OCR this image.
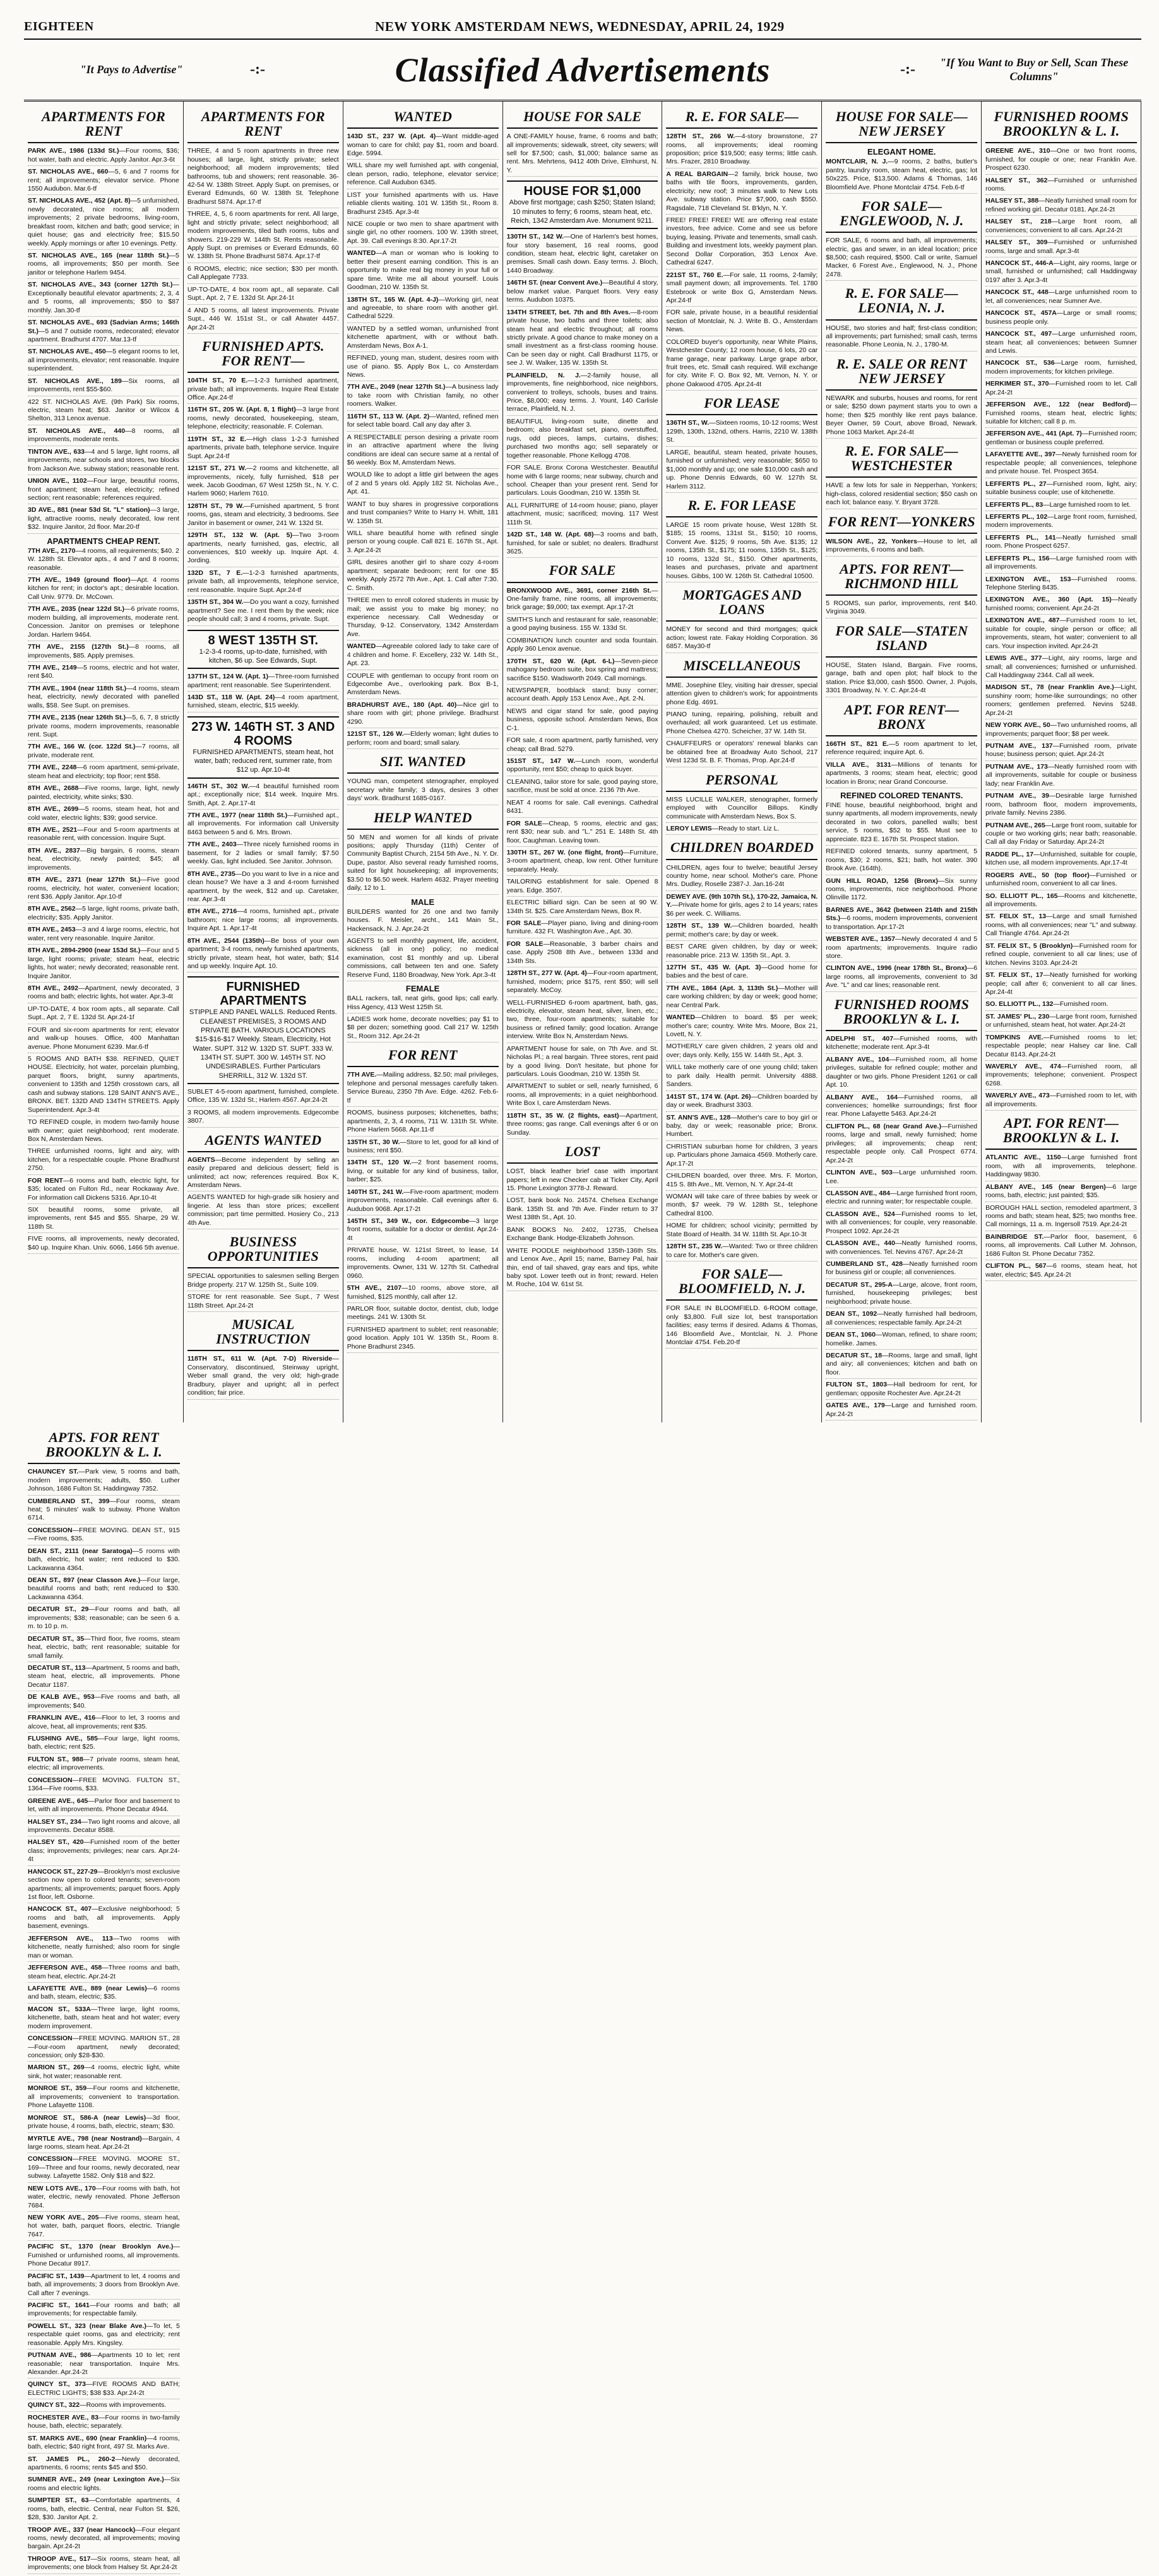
EIGHTEEN	NEW YORK AMSTERDAM NEWS, WEDNESDAY, APRIL 24, 1929
"It Pays to Advertise"	-:-	Classified Advertisements	-:-	"If You Want to Buy or Sell, Scan These Columns"
APARTMENTS FOR RENT

PARK AVE., 1986 (133d St.)—Four rooms, $36; hot water, bath and electric. Apply Janitor. Apr.3-6t

ST. NICHOLAS AVE., 660—5, 6 and 7 rooms for rent; all improvements; elevator service. Phone 1550 Audubon. Mar.6-tf

ST. NICHOLAS AVE., 452 (Apt. 8)—5 unfurnished, newly decorated, nice rooms; all modern improvements; 2 private bedrooms, living-room, breakfast room, kitchen and bath; good service; in quiet house; gas and electricity free; $15.50 weekly. Apply mornings or after 10 evenings. Petty.

ST. NICHOLAS AVE., 165 (near 118th St.)—5 rooms, all improvements; $50 per month. See janitor or telephone Harlem 9454.

ST. NICHOLAS AVE., 343 (corner 127th St.)—Exceptionally beautiful elevator apartments; 2, 3, 4 and 5 rooms, all improvements; $50 to $87 monthly. Jan.30-tf

ST. NICHOLAS AVE., 693 (Sadvian Arms; 146th St.)—5 and 7 outside rooms, redecorated; elevator apartment. Bradhurst 4707. Mar.13-tf

ST. NICHOLAS AVE., 450—5 elegant rooms to let, all improvements, elevator; rent reasonable. Inquire superintendent.

ST. NICHOLAS AVE., 189—Six rooms, all improvements, rent $55-$60.

422 ST. NICHOLAS AVE. (9th Park) Six rooms, electric, steam heat; $63. Janitor or Wilcox & Shelton, 313 Lenox avenue.

ST. NICHOLAS AVE., 440—8 rooms, all improvements, moderate rents.

TINTON AVE., 633—4 and 5 large, light rooms, all improvements, near schools and stores, two blocks from Jackson Ave. subway station; reasonable rent.

UNION AVE., 1102—Four large, beautiful rooms, front apartment; steam heat, electricity; refined section; rent reasonable; references required.

3D AVE., 881 (near 53d St. "L" station)—3 large, light, attractive rooms, newly decorated, low rent $32. Inquire Janitor, 2d floor. Mar.20-tf

APARTMENTS CHEAP RENT.

7TH AVE., 2170—4 rooms, all requirements; $40. 2 W. 128th St. Elevator apts., 4 and 7 and 8 rooms; reasonable.

7TH AVE., 1949 (ground floor)—Apt. 4 rooms kitchen for rent; in doctor's apt.; desirable location. Call Univ. 9779. Dr. McCown.

7TH AVE., 2035 (near 122d St.)—6 private rooms, modern building, all improvements, moderate rent. Concession. Janitor on premises or telephone Jordan. Harlem 9464.

7TH AVE., 2155 (127th St.)—8 rooms, all improvements, $85. Apply premises.

7TH AVE., 2149—5 rooms, electric and hot water, rent $40.

7TH AVE., 1904 (near 118th St.)—4 rooms, steam heat, electricity, newly decorated with panelled walls, $58. See Supt. on premises.

7TH AVE., 2135 (near 126th St.)—5, 6, 7, 8 strictly private rooms, modern improvements, reasonable rent. Supt.

7TH AVE., 166 W. (cor. 122d St.)—7 rooms, all private, moderate rent.

7TH AVE., 2248—6 room apartment, semi-private, steam heat and electricity; top floor; rent $58.

8TH AVE., 2688—Five rooms, large, light, newly painted, electricity, white sinks; $30.

8TH AVE., 2699—5 rooms, steam heat, hot and cold water, electric lights; $39; good service.

8TH AVE., 2521—Four and 5-room apartments at reasonable rent, with concession. Inquire Supt.

8TH AVE., 2837—Big bargain, 6 rooms, steam heat, electricity, newly painted; $45; all improvements.

8TH AVE., 2371 (near 127th St.)—Five good rooms, electricity, hot water, convenient location; rent $36. Apply Janitor. Apr.10-tf

8TH AVE., 2562—5 large, light rooms, private bath, electricity; $35. Apply Janitor.

8TH AVE., 2453—3 and 4 large rooms, electric, hot water, rent very reasonable. Inquire Janitor.

8TH AVE., 2894-2900 (near 153d St.)—Four and 5 large, light rooms; private; steam heat, electric lights, hot water; newly decorated; reasonable rent. Inquire Janitor.

8TH AVE., 2492—Apartment, newly decorated, 3 rooms and bath; electric lights, hot water. Apr.3-4t

UP-TO-DATE, 4 box room apts., all separate. Call Supt., Apt. 2, 7 E. 132d St. Apr.24-1f

FOUR and six-room apartments for rent; elevator and walk-up houses. Office, 400 Manhattan avenue. Phone Monument 6239. Mar.6-tf

5 ROOMS AND BATH $38. REFINED, QUIET HOUSE. Electricity, hot water, porcelain plumbing, parquet floors, bright, sunny apartments, convenient to 135th and 125th crosstown cars, all cash and subway stations. 128 SAINT ANN'S AVE., BRONX. BET. 132D AND 134TH STREETS. Apply Superintendent. Apr.3-4t

TO REFINED couple, in modern two-family house with owner; quiet neighborhood; rent moderate. Box N, Amsterdam News.

THREE unfurnished rooms, light and airy, with kitchen, for a respectable couple. Phone Bradhurst 2750.

FOR RENT—6 rooms and bath, electric light, for $35; located on Fulton Rd., near Rockaway Ave. For information call Dickens 5316. Apr.10-4t

SIX beautiful rooms, some private, all improvements, rent $45 and $55. Sharpe, 29 W. 118th St.

FIVE rooms, all improvements, newly decorated, $40 up. Inquire Khan. Univ. 6066, 1466 5th avenue.

APARTMENTS FOR RENT

THREE, 4 and 5 room apartments in three new houses; all large, light, strictly private; select neighborhood; all modern improvements; tiled bathrooms, tub and showers; rent reasonable. 36-42-54 W. 138th Street. Apply Supt. on premises, or Everard Edmunds, 60 W. 138th St. Telephone Bradhurst 5874. Apr.17-tf

THREE, 4, 5, 6 room apartments for rent. All large, light and strictly private; select neighborhood; all modern improvements, tiled bath rooms, tubs and showers. 219-229 W. 144th St. Rents reasonable. Apply Supt. on premises or Everard Edmunds, 60 W. 138th St. Phone Bradhurst 5874. Apr.17-tf

6 ROOMS, electric; nice section; $30 per month. Call Applegate 7733.

UP-TO-DATE, 4 box room apt., all separate. Call Supt., Apt. 2, 7 E. 132d St. Apr.24-1t

4 AND 5 rooms, all latest improvements. Private Supt., 446 W. 151st St., or call Atwater 4457. Apr.24-2t

FURNISHED APTS. FOR RENT—

104TH ST., 70 E.—1-2-3 furnished apartment, private bath; all improvements. Inquire Real Estate Office. Apr.24-tf

116TH ST., 205 W. (Apt. 8, 1 flight)—3 large front rooms, newly decorated, housekeeping, steam, telephone, electricity; reasonable. F. Coleman.

119TH ST., 32 E.—High class 1-2-3 furnished apartments, private bath, telephone service. Inquire Supt. Apr.24-tf

121ST ST., 271 W.—2 rooms and kitchenette, all improvements, nicely, fully furnished, $18 per week. Jacob Goodman, 67 West 125th St., N. Y. C. Harlem 9060; Harlem 7610.

128TH ST., 79 W.—Furnished apartment, 5 front rooms, gas, steam and electricity, 3 bedrooms. See Janitor in basement or owner, 241 W. 132d St.

129TH ST., 132 W. (Apt. 5)—Two 3-room apartments, nearly furnished, gas, electric, all conveniences, $10 weekly up. Inquire Apt. 4. Jording.

132D ST., 7 E.—1-2-3 furnished apartments, private bath, all improvements, telephone service, rent reasonable. Inquire Supt. Apr.24-tf

135TH ST., 304 W.—Do you want a cozy, furnished apartment? See me. I rent them by the week; nice people should call; 3 and 4 rooms, private. Supt.

8 WEST 135TH ST.
1-2-3-4 rooms, up-to-date, furnished, with kitchen, $6 up. See Edwards, Supt.

137TH ST., 124 W. (Apt. 1)—Three-room furnished apartment; rent reasonable. See Superintendent.

143D ST., 118 W. (Apt. 24)—4 room apartment, furnished, steam, electric, $15 weekly.

273 W. 146TH ST. 3 AND 4 ROOMS
FURNISHED APARTMENTS, steam heat, hot water, bath; reduced rent, summer rate, from $12 up. Apr.10-4t

146TH ST., 302 W.—4 beautiful furnished room apt.; exceptionally nice; $14 week. Inquire Mrs. Smith, Apt. 2. Apr.17-4t

7TH AVE., 1977 (near 118th St.)—Furnished apt., all improvements. For information call University 8463 between 5 and 6. Mrs. Brown.

7TH AVE., 2403—Three nicely furnished rooms in basement, for 2 ladies or small family; $7.50 weekly. Gas, light included. See Janitor. Johnson.

8TH AVE., 2735—Do you want to live in a nice and clean house? We have a 3 and 4-room furnished apartment, by the week, $12 and up. Caretaker, rear. Apr.3-4t

8TH AVE., 2716—4 rooms, furnished apt., private bathroom; nice large rooms; all improvements. Inquire Apt. 1. Apr.17-4t

8TH AVE., 2544 (135th)—Be boss of your own apartment; 3-4 rooms, newly furnished apartments, strictly private, steam heat, hot water, bath; $14 and up weekly. Inquire Apt. 10.

FURNISHED APARTMENTS
STIPPLE AND PANEL WALLS. Reduced Rents. CLEANEST PREMISES, 3 ROOMS AND PRIVATE BATH. VARIOUS LOCATIONS $15-$16-$17 Weekly. Steam, Electricity, Hot Water. SUPT. 312 W. 132D ST. SUPT. 333 W. 134TH ST. SUPT. 300 W. 145TH ST. NO UNDESIRABLES. Further Particulars SHERRILL, 312 W. 132d ST.

SUBLET 4-5-room apartment, furnished, complete. Office, 135 W. 132d St.; Harlem 4567. Apr.24-2t

3 ROOMS, all modern improvements. Edgecombe 3807.

AGENTS WANTED

AGENTS—Become independent by selling an easily prepared and delicious dessert; field is unlimited; act now; references required. Box K, Amsterdam News.

AGENTS WANTED for high-grade silk hosiery and lingerie. At less than store prices; excellent commission; part time permitted. Hosiery Co., 213 4th Ave.

BUSINESS OPPORTUNITIES

SPECIAL opportunities to salesmen selling Bergen Bridge property. 217 W. 125th St., Suite 109.

STORE for rent reasonable. See Supt., 7 West 118th Street. Apr.24-2t

MUSICAL INSTRUCTION

118TH ST., 611 W. (Apt. 7-D) Riverside—Conservatory, discontinued, Steinway upright, Weber small grand, the very old; high-grade Bradbury, player and upright; all in perfect condition; fair price.

WANTED

143D ST., 237 W. (Apt. 4)—Want middle-aged woman to care for child; pay $1, room and board. Edge. 5994.

WILL share my well furnished apt. with congenial, clean person, radio, telephone, elevator service; reference. Call Audubon 6345.

LIST your furnished apartments with us. Have reliable clients waiting. 101 W. 135th St., Room 8. Bradhurst 2345. Apr.3-4t

NICE couple or two men to share apartment with single girl, no other roomers. 100 W. 139th street, Apt. 39. Call evenings 8:30. Apr.17-2t

WANTED—A man or woman who is looking to better their present earning condition. This is an opportunity to make real big money in your full or spare time. Write me all about yourself. Louis Goodman, 210 W. 135th St.

138TH ST., 165 W. (Apt. 4-J)—Working girl, neat and agreeable, to share room with another girl. Cathedral 5229.

WANTED by a settled woman, unfurnished front kitchenette apartment, with or without bath. Amsterdam News, Box A-1.

REFINED, young man, student, desires room with use of piano. $5. Apply Box L, co Amsterdam News.

7TH AVE., 2049 (near 127th St.)—A business lady to take room with Christian family, no other roomers. Walker.

116TH ST., 113 W. (Apt. 2)—Wanted, refined men for select table board. Call any day after 3.

A RESPECTABLE person desiring a private room in an attractive apartment where the living conditions are ideal can secure same at a rental of $6 weekly. Box M, Amsterdam News.

WOULD like to adopt a little girl between the ages of 2 and 5 years old. Apply 182 St. Nicholas Ave., Apt. 41.

WANT to buy shares in progressive corporations and trust companies? Write to Harry H. Whitt, 181 W. 135th St.

WILL share beautiful home with refined single person or young couple. Call 821 E. 167th St., Apt. 3. Apr.24-2t

GIRL desires another girl to share cozy 4-room apartment; separate bedroom; rent for one $5 weekly. Apply 2572 7th Ave., Apt. 1. Call after 7:30. C. Smith.

THREE men to enroll colored students in music by mail; we assist you to make big money; no experience necessary. Call Wednesday or Thursday, 9-12. Conservatory, 1342 Amsterdam Ave.

WANTED—Agreeable colored lady to take care of 4 children and home. F. Excellery, 232 W. 14th St., Apt. 23.

COUPLE with gentleman to occupy front room on Edgecombe Ave., overlooking park. Box B-1, Amsterdam News.

BRADHURST AVE., 180 (Apt. 40)—Nice girl to share room with girl; phone privilege. Bradhurst 4290.

121ST ST., 126 W.—Elderly woman; light duties to perform; room and board; small salary.

SIT. WANTED

YOUNG man, competent stenographer, employed secretary white family; 3 days, desires 3 other days' work. Bradhurst 1685-0167.

HELP WANTED

50 MEN and women for all kinds of private positions; apply Thursday (11th) Center of Community Baptist Church, 2154 5th Ave., N. Y. Dr. Dupe, pastor. Also several ready furnished rooms, suited for light housekeeping; all improvements; $3.50 to $6.50 week. Harlem 4632. Prayer meeting daily, 12 to 1.

MALE

BUILDERS wanted for 26 one and two family houses. F. Meisler, archt., 141 Main St., Hackensack, N. J. Apr.24-2t

AGENTS to sell monthly payment, life, accident, sickness (all in one) policy; no medical examination, cost $1 monthly and up. Liberal commissions, call between ten and one. Safety Reserve Fund, 1180 Broadway, New York. Apr.3-4t

FEMALE

BALL rackers, tall, neat girls, good lips; call early. Hiss Agency, 413 West 125th St.

LADIES work home, decorate novelties; pay $1 to $8 per dozen; something good. Call 217 W. 125th St., Room 312. Apr.24-2t

FOR RENT

7TH AVE.—Mailing address, $2.50; mail privileges, telephone and personal messages carefully taken. Service Bureau, 2350 7th Ave. Edge. 4262. Feb.6-tf

ROOMS, business purposes; kitchenettes, baths; apartments, 2, 3, 4 rooms, 711 W. 131th St. White. Phone Harlem 5668. Apr.11-tf

135TH ST., 30 W.—Store to let, good for all kind of business; rent $50.

134TH ST., 120 W.—2 front basement rooms, living, or suitable for any kind of business, tailor, barber; $25.

140TH ST., 241 W.—Five-room apartment; modern improvements, reasonable. Call evenings after 6. Audubon 9068. Apr.17-2t

145TH ST., 349 W., cor. Edgecombe—3 large front rooms, suitable for a doctor or dentist. Apr.24-4t

PRIVATE house, W. 121st Street, to lease, 14 rooms, including 4-room apartment; all improvements. Owner, 131 W. 127th St. Cathedral 0960.

5TH AVE., 2107—10 rooms, above store, all furnished, $125 monthly, call after 12.

PARLOR floor, suitable doctor, dentist, club, lodge meetings. 241 W. 130th St.

FURNISHED apartment to sublet; rent reasonable; good location. Apply 101 W. 135th St., Room 8. Phone Bradhurst 2345.

HOUSE FOR SALE

A ONE-FAMILY house, frame, 6 rooms and bath; all improvements; sidewalk, street, city sewers; will sell for $7,500; cash, $1,000; balance same as rent. Mrs. Mehrtens, 9412 40th Drive, Elmhurst, N. Y.

HOUSE FOR $1,000
Above first mortgage; cash $250; Staten Island; 10 minutes to ferry; 6 rooms, steam heat, etc. Reich, 1342 Amsterdam Ave. Monument 9211.

130TH ST., 142 W.—One of Harlem's best homes, four story basement, 16 real rooms, good condition, steam heat, electric light, caretaker on premises. Small cash down. Easy terms. J. Bloch, 1440 Broadway.

146TH ST. (near Convent Ave.)—Beautiful 4 story, below market value. Parquet floors. Very easy terms. Audubon 10375.

134TH STREET, bet. 7th and 8th Aves.—8-room private house, two baths and three toilets; also steam heat and electric throughout; all rooms strictly private. A good chance to make money on a small investment as a first-class rooming house. Can be seen day or night. Call Bradhurst 1175, or see J. W. Walker, 135 W. 135th St.

PLAINFIELD, N. J.—2-family house, all improvements, fine neighborhood, nice neighbors, convenient to trolleys, schools, buses and trains. Price, $8,000; easy terms. J. Yount, 140 Carlisle terrace, Plainfield, N. J.

BEAUTIFUL living-room suite, dinette and bedroom; also breakfast set, piano, overstuffed, rugs, odd pieces, lamps, curtains, dishes; purchased two months ago; sell separately or together reasonable. Phone Kellogg 4708.

FOR SALE. Bronx Corona Westchester. Beautiful home with 6 large rooms; near subway, church and school. Cheaper than your present rent. Send for particulars. Louis Goodman, 210 W. 135th St.

ALL FURNITURE of 14-room house; piano, player attachment, music; sacrificed; moving. 117 West 111th St.

142D ST., 148 W. (Apt. 68)—3 rooms and bath, furnished, for sale or sublet; no dealers. Bradhurst 3625.

FOR SALE

BRONXWOOD AVE., 3691, corner 216th St.—One-family frame, nine rooms, all improvements; brick garage; $9,000; tax exempt. Apr.17-2t

SMITH'S lunch and restaurant for sale, reasonable; a good paying business. 155 W. 133d St.

COMBINATION lunch counter and soda fountain. Apply 360 Lenox avenue.

170TH ST., 620 W. (Apt. 6-L)—Seven-piece mahogany bedroom suite, box spring and mattress; sacrifice $150. Wadsworth 2049. Call mornings.

NEWSPAPER, bootblack stand; busy corner; account death. Apply 153 Lenox Ave., Apt. 2-N.

NEWS and cigar stand for sale, good paying business, opposite school. Amsterdam News, Box C-1.

FOR sale, 4 room apartment, partly furnished, very cheap; call Brad. 5279.

151ST ST., 147 W.—Lunch room, wonderful opportunity, rent $50; cheap to quick buyer.

CLEANING, tailor store for sale, good paying store, sacrifice, must be sold at once. 2136 7th Ave.

NEAT 4 rooms for sale. Call evenings. Cathedral 8431.

FOR SALE—Cheap, 5 rooms, electric and gas; rent $30; near sub. and "L." 251 E. 148th St. 4th floor, Caughman. Leaving town.

130TH ST., 267 W. (one flight, front)—Furniture, 3-room apartment, cheap, low rent. Other furniture separately. Healy.

TAILORING establishment for sale. Opened 8 years. Edge. 3507.

ELECTRIC billiard sign. Can be seen at 90 W. 134th St. $25. Care Amsterdam News, Box R.

FOR SALE—Player piano, living and dining-room furniture. 432 Ft. Washington Ave., Apt. 30.

FOR SALE—Reasonable, 3 barber chairs and case. Apply 2508 8th Ave., between 133d and 134th Sts.

128TH ST., 277 W. (Apt. 4)—Four-room apartment, furnished, modern; price $175, rent $50; will sell separately. McCoy.

WELL-FURNISHED 6-room apartment, bath, gas, electricity, elevator, steam heat, silver, linen, etc.; two, three, four-room apartments; suitable for business or refined family; good location. Arrange interview. Write Box N, Amsterdam News.

APARTMENT house for sale, on 7th Ave. and St. Nicholas Pl.; a real bargain. Three stores, rent paid by a good living. Don't hesitate, but phone for particulars. Louis Goodman, 210 W. 135th St.

APARTMENT to sublet or sell, nearly furnished, 6 rooms, all improvements; in a quiet neighborhood. Write Box I, care Amsterdam News.

118TH ST., 35 W. (2 flights, east)—Apartment, three rooms; gas range. Call evenings after 6 or on Sunday.

LOST

LOST, black leather brief case with important papers; left in new Checker cab at Ticker City, April 15. Phone Lexington 3778-J. Reward.

LOST, bank book No. 24574. Chelsea Exchange Bank. 135th St. and 7th Ave. Finder return to 37 West 138th St., Apt. 10.

BANK BOOKS No. 2402, 12735, Chelsea Exchange Bank. Hodge-Elizabeth Johnson.

WHITE POODLE neighborhood 135th-136th Sts. and Lenox Ave., April 15; name, Barney Pal, hair thin, end of tail shaved, gray ears and tips, white baby spot. Lower teeth out in front; reward. Helen M. Roche, 104 W. 61st St.

R. E. FOR SALE—

128TH ST., 266 W.—4-story brownstone, 27 rooms, all improvements; ideal rooming proposition; price $19,500; easy terms; little cash. Mrs. Frazer, 2810 Broadway.

A REAL BARGAIN—2 family, brick house, two baths with tile floors, improvements, garden, electricity; new roof; 3 minutes walk to New Lots Ave. subway station. Price $7,900, cash $550. Ragsdale, 718 Cleveland St. B'klyn, N. Y.

FREE! FREE! FREE! WE are offering real estate investors, free advice. Come and see us before buying, leasing. Private and tenements, small cash. Building and investment lots, weekly payment plan. Second Dollar Corporation, 353 Lenox Ave. Cathedral 6247.

221ST ST., 760 E.—For sale, 11 rooms, 2-family; small payment down; all improvements. Tel. 1780 Estebrook or write Box G, Amsterdam News. Apr.24-tf

FOR sale, private house, in a beautiful residential section of Montclair, N. J. Write B. O., Amsterdam News.

COLORED buyer's opportunity, near White Plains, Westchester County; 12 room house, 6 lots, 20 car frame garage, near parkway. Large grape arbor, fruit trees, etc. Small cash required. Will exchange for city. Write F. O. Box 92, Mt. Vernon, N. Y. or phone Oakwood 4705. Apr.24-4t

FOR LEASE

136TH ST., W.—Sixteen rooms, 10-12 rooms; West 129th, 130th, 132nd, others. Harris, 2210 W. 138th St.

LARGE, beautiful, steam heated, private houses, furnished or unfurnished; very reasonable; $650 to $1,000 monthly and up; one sale $10,000 cash and up. Phone Dennis Edwards, 60 W. 127th St. Harlem 3112.

R. E. FOR LEASE

LARGE 15 room private house, West 128th St. $185; 15 rooms, 131st St., $150; 10 rooms, Convent Ave. $125; 9 rooms, 5th Ave. $135; 12 rooms, 135th St., $175; 11 rooms, 135th St., $125; 10 rooms, 132d St., $150. Other apartments, leases and purchases, private and apartment houses. Gibbs, 100 W. 126th St. Cathedral 10500.

MORTGAGES AND LOANS

MONEY for second and third mortgages; quick action; lowest rate. Fakay Holding Corporation. 36 6857. May30-tf

MISCELLANEOUS

MME. Josephine Eley, visiting hair dresser, special attention given to children's work; for appointments phone Edg. 4691.

PIANO tuning, repairing, polishing, rebuilt and overhauled; all work guaranteed. Let us estimate. Phone Chelsea 4270. Scheicher, 37 W. 14th St.

CHAUFFEURS or operators' renewal blanks can be obtained free at Broadway Auto School, 217 West 123d St. B. F. Thomas, Prop. Apr.24-tf

PERSONAL

MISS LUCILLE WALKER, stenographer, formerly employed with Councillor Billops. Kindly communicate with Amsterdam News, Box S.

LEROY LEWIS—Ready to start. Liz L.

CHILDREN BOARDED

CHILDREN, ages four to twelve; beautiful Jersey country home, near school. Mother's care. Phone Mrs. Dudley, Roselle 2387-J. Jan.16-24t

DEWEY AVE. (9th 107th St.), 170-22, Jamaica, N. Y.—Private home for girls, ages 2 to 14 years; rates $6 per week. C. Williams.

128TH ST., 139 W.—Children boarded, health permit; mother's care; by day or week.

BEST CARE given children, by day or week; reasonable price. 213 W. 135th St., Apt. 3.

127TH ST., 435 W. (Apt. 3)—Good home for babies and the best of care.

7TH AVE., 1864 (Apt. 3, 113th St.)—Mother will care working children; by day or week; good home; near Central Park.

WANTED—Children to board. $5 per week; mother's care; country. Write Mrs. Moore, Box 21, Lovett, N. Y.

MOTHERLY care given children, 2 years old and over; days only. Kelly, 155 W. 144th St., Apt. 3.

WILL take motherly care of one young child; taken to park daily. Health permit. University 4888. Sanders.

141ST ST., 174 W. (Apt. 26)—Children boarded by day or week. Bradhurst 3303.

ST. ANN'S AVE., 128—Mother's care to boy girl or baby, day or week; reasonable price; Bronx. Humbert.

CHRISTIAN suburban home for children, 3 years up. Particulars phone Jamaica 4569. Motherly care. Apr.17-2t

CHILDREN boarded, over three. Mrs. F. Morton, 415 S. 8th Ave., Mt. Vernon, N. Y. Apr.24-4t

WOMAN will take care of three babies by week or month, $7 week. 79 W. 128th St., telephone Cathedral 8100.

HOME for children; school vicinity; permitted by State Board of Health. 34 W. 118th St. Apr.10-3t

128TH ST., 235 W.—Wanted: Two or three children to care for. Mother's care given.

FOR SALE—BLOOMFIELD, N. J.

FOR SALE IN BLOOMFIELD. 6-ROOM cottage, only $3,800. Full size lot, best transportation facilities; easy terms if desired. Adams & Thomas, 146 Bloomfield Ave., Montclair, N. J. Phone Montclair 4754. Feb.20-tf

HOUSE FOR SALE—NEW JERSEY
ELEGANT HOME.

MONTCLAIR, N. J.—9 rooms, 2 baths, butler's pantry, laundry room, steam heat, electric, gas; lot 50x225. Price, $13,500. Adams & Thomas, 146 Bloomfield Ave. Phone Montclair 4754. Feb.6-tf

FOR SALE—ENGLEWOOD, N. J.

FOR SALE, 6 rooms and bath, all improvements; electric, gas and sewer, in an ideal location; price $8,500; cash required, $500. Call or write, Samuel Macker, 6 Forest Ave., Englewood, N. J., Phone 2478.

R. E. FOR SALE—LEONIA, N. J.

HOUSE, two stories and half; first-class condition; all improvements; part furnished; small cash, terms reasonable. Phone Leonia, N. J., 1780-M.

R. E. SALE OR RENT NEW JERSEY

NEWARK and suburbs, houses and rooms, for rent or sale; $250 down payment starts you to own a home; then $25 monthly like rent pays balance. Beyer Owner, 59 Court, above Broad, Newark. Phone 1063 Market. Apr.24-4t

R. E. FOR SALE—WESTCHESTER

HAVE a few lots for sale in Nepperhan, Yonkers; high-class, colored residential section; $50 cash on each lot; balance easy. Y. Bryant 3728.

FOR RENT—YONKERS

WILSON AVE., 22, Yonkers—House to let, all improvements, 6 rooms and bath.

APTS. FOR RENT—RICHMOND HILL

5 ROOMS, sun parlor, improvements, rent $40. Virginia 3049.

FOR SALE—STATEN ISLAND

HOUSE, Staten Island, Bargain. Five rooms, garage, bath and open plot; half block to the station. Price $3,000, cash $500. Owner, J. Pujols, 3301 Broadway, N. Y. C. Apr.24-4t

APT. FOR RENT—BRONX

166TH ST., 821 E.—5 room apartment to let, reference required; inquire Apt. 6.

VILLA AVE., 3131—Millions of tenants for apartments, 3 rooms; steam heat, electric; good location in Bronx; near Grand Concourse.

REFINED COLORED TENANTS.

FINE house, beautiful neighborhood, bright and sunny apartments, all modern improvements, newly decorated in two colors, panelled walls; best service, 5 rooms, $52 to $55. Must see to appreciate. 823 E. 167th St. Prospect station.

REFINED colored tenants, sunny apartment, 5 rooms, $30; 2 rooms, $21; bath, hot water. 390 Brook Ave. (164th).

GUN HILL ROAD, 1256 (Bronx)—Six sunny rooms, improvements, nice neighborhood. Phone Olinville 1172.

BARNES AVE., 3642 (between 214th and 215th Sts.)—6 rooms, modern improvements, convenient to transportation. Apr.17-2t

WEBSTER AVE., 1357—Newly decorated 4 and 5 room apartments; improvements. Inquire radio store.

CLINTON AVE., 1996 (near 178th St., Bronx)—6 large rooms, all improvements, convenient to 3d Ave. "L" and car lines; reasonable rent.

FURNISHED ROOMS BROOKLYN & L. I.

ADELPHI ST., 407—Furnished rooms, with kitchenette; moderate rent. Apr.3-4t

ALBANY AVE., 104—Furnished room, all home privileges, suitable for refined couple; mother and daughter or two girls. Phone President 1261 or call Apt. 10.

ALBANY AVE., 164—Furnished rooms, all conveniences; homelike surroundings; first floor rear. Phone Lafayette 5463. Apr.24-2t

CLIFTON PL., 68 (near Grand Ave.)—Furnished rooms, large and small, newly furnished; home privileges; all improvements; cheap rent; respectable people only. Call Prospect 6774. Apr.24-2t

CLINTON AVE., 503—Large unfurnished room. Lee.

CLASSON AVE., 484—Large furnished front room, electric and running water; for respectable couple.

CLASSON AVE., 524—Furnished rooms to let, with all conveniences; for couple, very reasonable. Prospect 1092. Apr.24-2t

CLASSON AVE., 440—Neatly furnished rooms, with conveniences. Tel. Nevins 4767. Apr.24-2t

CUMBERLAND ST., 428—Neatly furnished room for business girl or couple; all conveniences.

DECATUR ST., 295-A—Large, alcove, front room, furnished, housekeeping privileges; best neighborhood; private house.

DEAN ST., 1092—Neatly furnished hall bedroom, all conveniences; respectable family. Apr.24-2t

DEAN ST., 1060—Woman, refined, to share room; homelike. James.

DECATUR ST., 18—Rooms, large and small, light and airy; all conveniences; kitchen and bath on floor.

FULTON ST., 1803—Hall bedroom for rent, for gentleman; opposite Rochester Ave. Apr.24-2t

GATES AVE., 179—Large and furnished room. Apr.24-2t

FURNISHED ROOMS BROOKLYN & L. I.

GREENE AVE., 310—One or two front rooms, furnished, for couple or one; near Franklin Ave. Prospect 6230.

HALSEY ST., 362—Furnished or unfurnished rooms.

HALSEY ST., 388—Neatly furnished small room for refined working girl. Decatur 0181. Apr.24-2t

HALSEY ST., 218—Large front room, all conveniences; convenient to all cars. Apr.24-2t

HALSEY ST., 309—Furnished or unfurnished rooms, large and small. Apr.3-4t

HANCOCK ST., 446-A—Light, airy rooms, large or small, furnished or unfurnished; call Haddingway 0197 after 3. Apr.3-4t

HANCOCK ST., 448—Large unfurnished room to let, all conveniences; near Sumner Ave.

HANCOCK ST., 457A—Large or small rooms; business people only.

HANCOCK ST., 497—Large unfurnished room, steam heat; all conveniences; between Sumner and Lewis.

HANCOCK ST., 536—Large room, furnished, modern improvements; for kitchen privilege.

HERKIMER ST., 370—Furnished room to let. Call Apr.24-2t

JEFFERSON AVE., 122 (near Bedford)—Furnished rooms, steam heat, electric lights; suitable for kitchen; call 8 p. m.

JEFFERSON AVE., 441 (Apt. 7)—Furnished room; gentleman or business couple preferred.

LAFAYETTE AVE., 397—Newly furnished room for respectable people; all conveniences, telephone and private house. Tel. Prospect 3654.

LEFFERTS PL., 27—Furnished room, light, airy; suitable business couple; use of kitchenette.

LEFFERTS PL., 83—Large furnished room to let.

LEFFERTS PL., 102—Large front room, furnished, modern improvements.

LEFFERTS PL., 141—Neatly furnished small room. Phone Prospect 6257.

LEFFERTS PL., 156—Large furnished room with all improvements.

LEXINGTON AVE., 153—Furnished rooms. Telephone Sterling 8435.

LEXINGTON AVE., 360 (Apt. 15)—Neatly furnished rooms; convenient. Apr.24-2t

LEXINGTON AVE., 487—Furnished room to let, suitable for couple, single person or office; all improvements, steam, hot water; convenient to all cars. Your inspection invited. Apr.24-2t

LEWIS AVE., 377—Light, airy rooms, large and small; all conveniences; furnished or unfurnished. Call Haddingway 2344. Call all week.

MADISON ST., 78 (near Franklin Ave.)—Light, sunshiny room; home-like surroundings; no other roomers; gentlemen preferred. Nevins 5248. Apr.24-2t

NEW YORK AVE., 50—Two unfurnished rooms, all improvements; parquet floor; $8 per week.

PUTNAM AVE., 137—Furnished room, private house; business person; quiet. Apr.24-2t

PUTNAM AVE., 173—Neatly furnished room with all improvements, suitable for couple or business lady; near Franklin Ave.

PUTNAM AVE., 39—Desirable large furnished room, bathroom floor, modern improvements, private family. Nevins 2386.

PUTNAM AVE., 265—Large front room, suitable for couple or two working girls; near bath; reasonable. Call all day Friday or Saturday. Apr.24-2t

RADDE PL., 17—Unfurnished, suitable for couple, kitchen use, all modern improvements. Apr.17-4t

ROGERS AVE., 50 (top floor)—Furnished or unfurnished room, convenient to all car lines.

SO. ELLIOTT PL., 165—Rooms and kitchenette, all improvements.

ST. FELIX ST., 13—Large and small furnished rooms, with all conveniences; near "L" and subway. Call Triangle 4764. Apr.24-2t

ST. FELIX ST., 5 (Brooklyn)—Furnished room for refined couple, convenient to all car lines; use of kitchen. Nevins 3103. Apr.24-2t

ST. FELIX ST., 17—Neatly furnished for working people; call after 6; convenient to all car lines. Apr.24-4t

SO. ELLIOTT PL., 132—Furnished room.

ST. JAMES' PL., 230—Large front room, furnished or unfurnished, steam heat, hot water. Apr.24-2t

TOMPKINS AVE.—Furnished rooms to let; respectable people; near Halsey car line. Call Decatur 8143. Apr.24-2t

WAVERLY AVE., 474—Furnished room, all improvements; telephone; convenient. Prospect 6268.

WAVERLY AVE., 473—Furnished room to let, with all improvements.

APT. FOR RENT—BROOKLYN & L. I.

ATLANTIC AVE., 1150—Large furnished front room, with all improvements, telephone. Haddingway 9830.

ALBANY AVE., 145 (near Bergen)—6 large rooms, bath, electric; just painted; $35.

BOROUGH HALL section, remodeled apartment, 3 rooms and bath; steam heat, $25; two months free. Call mornings, 11 a. m. Ingersoll 7519. Apr.24-2t

BAINBRIDGE ST.—Parlor floor, basement, 6 rooms, all improvements. Call Luther M. Johnson, 1686 Fulton St. Phone Decatur 7352.

CLIFTON PL., 567—6 rooms, steam heat, hot water, electric; $45. Apr.24-2t

APTS. FOR RENT BROOKLYN & L. I.

CHAUNCEY ST.—Park view, 5 rooms and bath, modern improvements; adults, $50. Luther Johnson, 1686 Fulton St. Haddingway 7352.

CUMBERLAND ST., 399—Four rooms, steam heat; 5 minutes' walk to subway. Phone Walton 6714.

CONCESSION—FREE MOVING. DEAN ST., 915—Five rooms, $35.

DEAN ST., 2111 (near Saratoga)—5 rooms with bath, electric, hot water; rent reduced to $30. Lackawanna 4364.

DEAN ST., 897 (near Classon Ave.)—Four large, beautiful rooms and bath; rent reduced to $30. Lackawanna 4364.

DECATUR ST., 29—Four rooms and bath, all improvements; $38; reasonable; can be seen 6 a. m. to 10 p. m.

DECATUR ST., 35—Third floor, five rooms, steam heat, electric, bath; rent reasonable; suitable for small family.

DECATUR ST., 113—Apartment, 5 rooms and bath, steam heat, electric, all improvements. Phone Decatur 1187.

DE KALB AVE., 953—Five rooms and bath, all improvements; $40.

FRANKLIN AVE., 416—Floor to let, 3 rooms and alcove, heat, all improvements; rent $35.

FLUSHING AVE., 585—Four large, light rooms, bath, electric; rent $25.

FULTON ST., 988—7 private rooms, steam heat, electric; all improvements.

CONCESSION—FREE MOVING. FULTON ST., 1364—Five rooms, $33.

GREENE AVE., 645—Parlor floor and basement to let, with all improvements. Phone Decatur 4944.

HALSEY ST., 234—Two light rooms and alcove, all improvements. Decatur 8588.

HALSEY ST., 420—Furnished room of the better class; improvements; privileges; near cars. Apr.24-4t

HANCOCK ST., 227-29—Brooklyn's most exclusive section now open to colored tenants; seven-room apartments; all improvements; parquet floors. Apply 1st floor, left. Osborne.

HANCOCK ST., 407—Exclusive neighborhood; 5 rooms and bath, all improvements. Apply basement, evenings.

JEFFERSON AVE., 113—Two rooms with kitchenette, neatly furnished; also room for single man or woman.

JEFFERSON AVE., 458—Three rooms and bath, steam heat, electric. Apr.24-2t

LAFAYETTE AVE., 889 (near Lewis)—6 rooms and bath, steam, electric; $35.

MACON ST., 533A—Three large, light rooms, kitchenette, bath, steam heat and hot water; every modern improvement.

CONCESSION—FREE MOVING. MARION ST., 28—Four-room apartment, newly decorated; concession; only $28-$30.

MARION ST., 269—4 rooms, electric light, white sink, hot water; reasonable rent.

MONROE ST., 359—Four rooms and kitchenette, all improvements; convenient to transportation. Phone Lafayette 1108.

MONROE ST., 586-A (near Lewis)—3d floor, private house, 4 rooms, bath, electric, steam; $30.

MYRTLE AVE., 798 (near Nostrand)—Bargain, 4 large rooms, steam heat. Apr.24-2t

CONCESSION—FREE MOVING. MOORE ST., 169—Three and four rooms, newly decorated, near subway. Lafayette 1582. Only $18 and $22.

NEW LOTS AVE., 170—Four rooms with bath, hot water, electric, newly renovated. Phone Jefferson 7684.

NEW YORK AVE., 205—Five rooms, steam heat, hot water, bath, parquet floors, electric. Triangle 7647.

PACIFIC ST., 1370 (near Brooklyn Ave.)—Furnished or unfurnished rooms, all improvements. Phone Decatur 8917.

PACIFIC ST., 1439—Apartment to let, 4 rooms and bath, all improvements; 3 doors from Brooklyn Ave. Call after 7 evenings.

PACIFIC ST., 1641—Four rooms and bath; all improvements; for respectable family.

POWELL ST., 323 (near Blake Ave.)—To let, 5 respectable quiet rooms, gas and electricity; rent reasonable. Apply Mrs. Kingsley.

PUTNAM AVE., 986—Apartments 10 to let; rent reasonable; near transportation. Inquire Mrs. Alexander. Apr.24-2t

QUINCY ST., 373—FIVE ROOMS AND BATH; ELECTRIC LIGHTS; $38 $33. Apr.24-2t

QUINCY ST., 322—Rooms with improvements.

ROCHESTER AVE., 83—Four rooms in two-family house, bath, electric; separately.

ST. MARKS AVE., 690 (near Franklin)—4 rooms, bath, electric; $40 right front, 497 St. Marks Ave.

ST. JAMES PL., 260-2—Newly decorated, apartments, 6 rooms; rents $45 and $50.

SUMNER AVE., 249 (near Lexington Ave.)—Six rooms and electric lights.

SUMPTER ST., 63—Comfortable apartments, 4 rooms, bath, electric. Central, near Fulton St. $26, $28, $30. Janitor Apt. 2.

TROOP AVE., 337 (near Hancock)—Four elegant rooms, newly decorated, all improvements; moving bargain. Apr.24-2t

THROOP AVE., 517—Six rooms, steam heat, all improvements; one block from Halsey St. Apr.24-2t
